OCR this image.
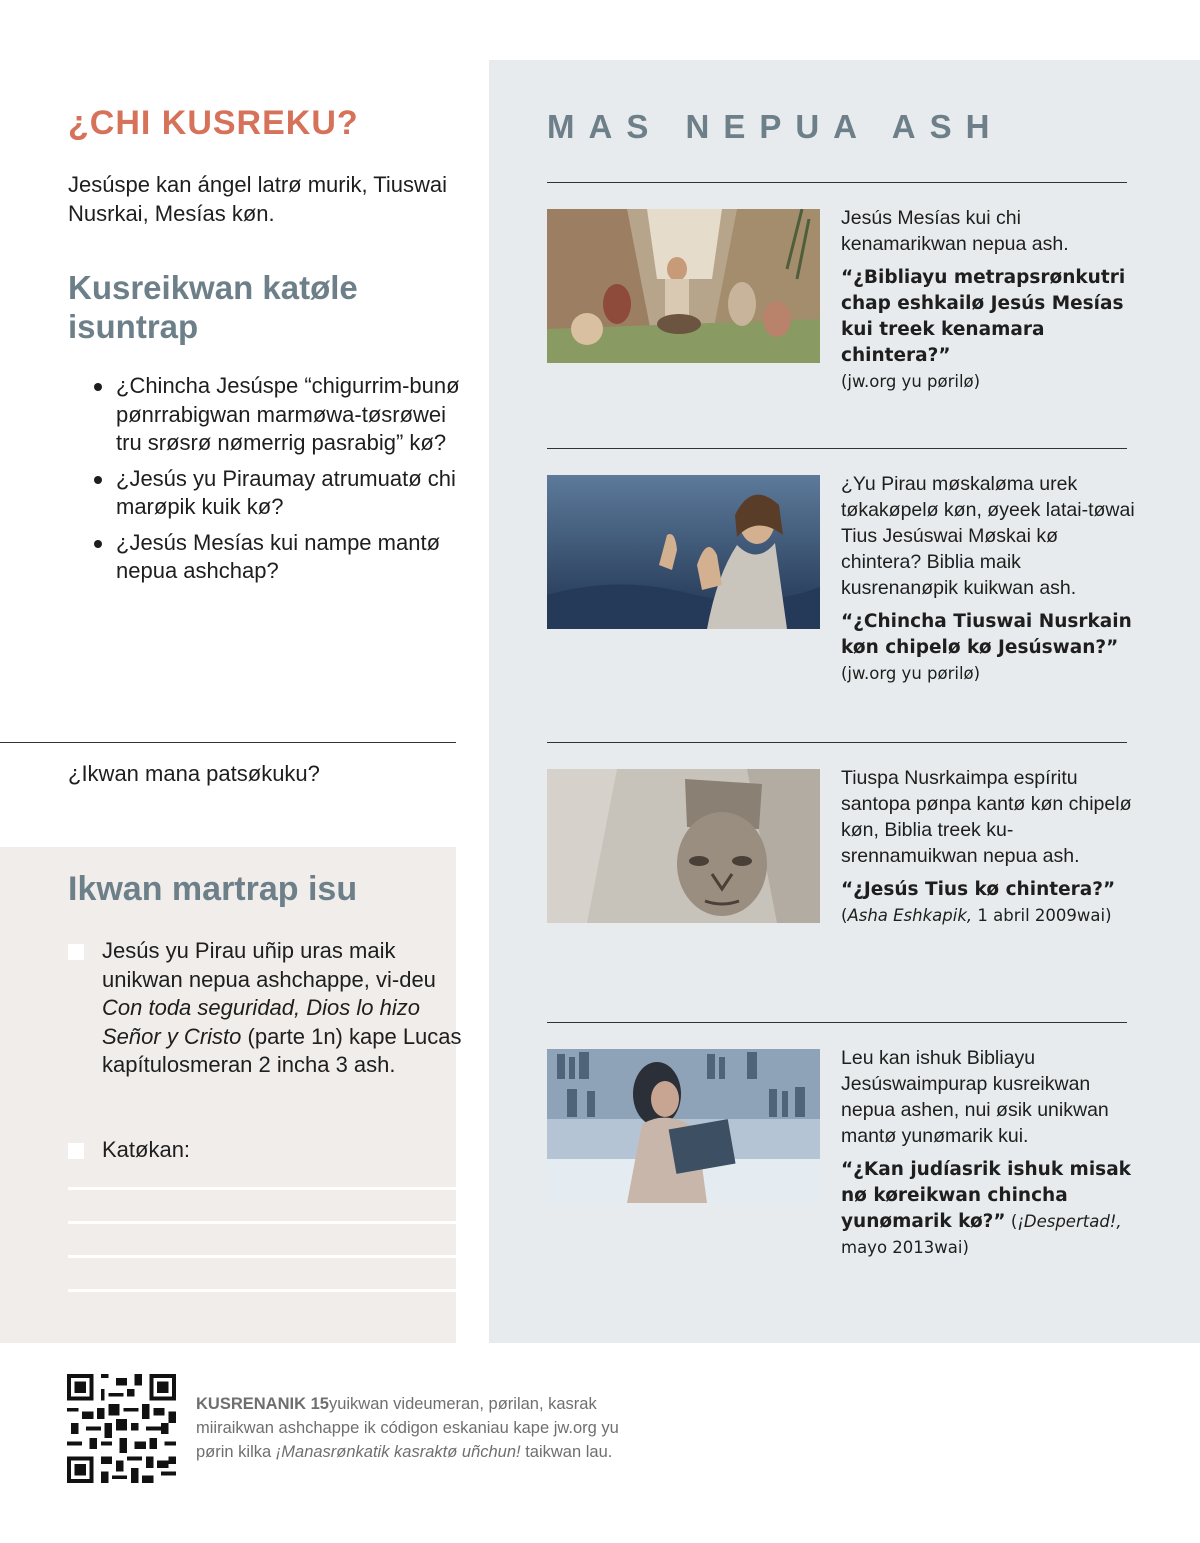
¿CHI KUSREKU?

Jesúspe kan ángel latrø murik, Tiuswai Nusrkai, Mesías køn.

Kusreikwan katøle isuntrap
¿Chincha Jesúspe “chigurrim-bunø pønrrabigwan marmøwa-tøsrøwei tru srøsrø nømerrig pasrabig” kø?
¿Jesús yu Piraumay atrumuatø chi marøpik kuik kø?
¿Jesús Mesías kui nampe mantø nepua ashchap?

¿Ikwan mana patsøkuku?

Ikwan martrap isu
Jesús yu Pirau uñip uras maik unikwan nepua ashchappe, vi-deu Con toda seguridad, Dios lo hizo Señor y Cristo (parte 1n) kape Lucas kapítulosmeran 2 incha 3 ash.
Katøkan:
MAS NEPUA ASH

Jesús Mesías kui chi kenamarikwan nepua ash.

“¿Bibliayu metrapsrønkutri chap eshkailø Jesús Mesías kui treek kenamara chintera?”

(jw.org yu pørilø)

¿Yu Pirau møskaløma urek tøkakøpelø køn, øyeek latai-tøwai Tius Jesúswai Møskai kø chintera? Biblia maik kusrenanøpik kuikwan ash.

“¿Chincha Tiuswai Nusrkain køn chipelø kø Jesúswan?”

(jw.org yu pørilø)

Tiuspa Nusrkaimpa espíritu santopa pønpa kantø køn chipelø køn, Biblia treek ku-srennamuikwan nepua ash.

“¿Jesús Tius kø chintera?”

(Asha Eshkapik, 1 abril 2009wai)

Leu kan ishuk Bibliayu Jesúswaimpurap kusreikwan nepua ashen, nui øsik unikwan mantø yunømarik kui.

“¿Kan judíasrik ishuk misak nø køreikwan chincha yunømarik kø?” (¡Despertad!, mayo 2013wai)

KUSRENANIK 15yuikwan videumeran, pørilan, kasrak miiraikwan ashchappe ik códigon eskaniau kape jw.org yu pørin kilka ¡Manasrønkatik kasraktø uñchun! taikwan lau.
